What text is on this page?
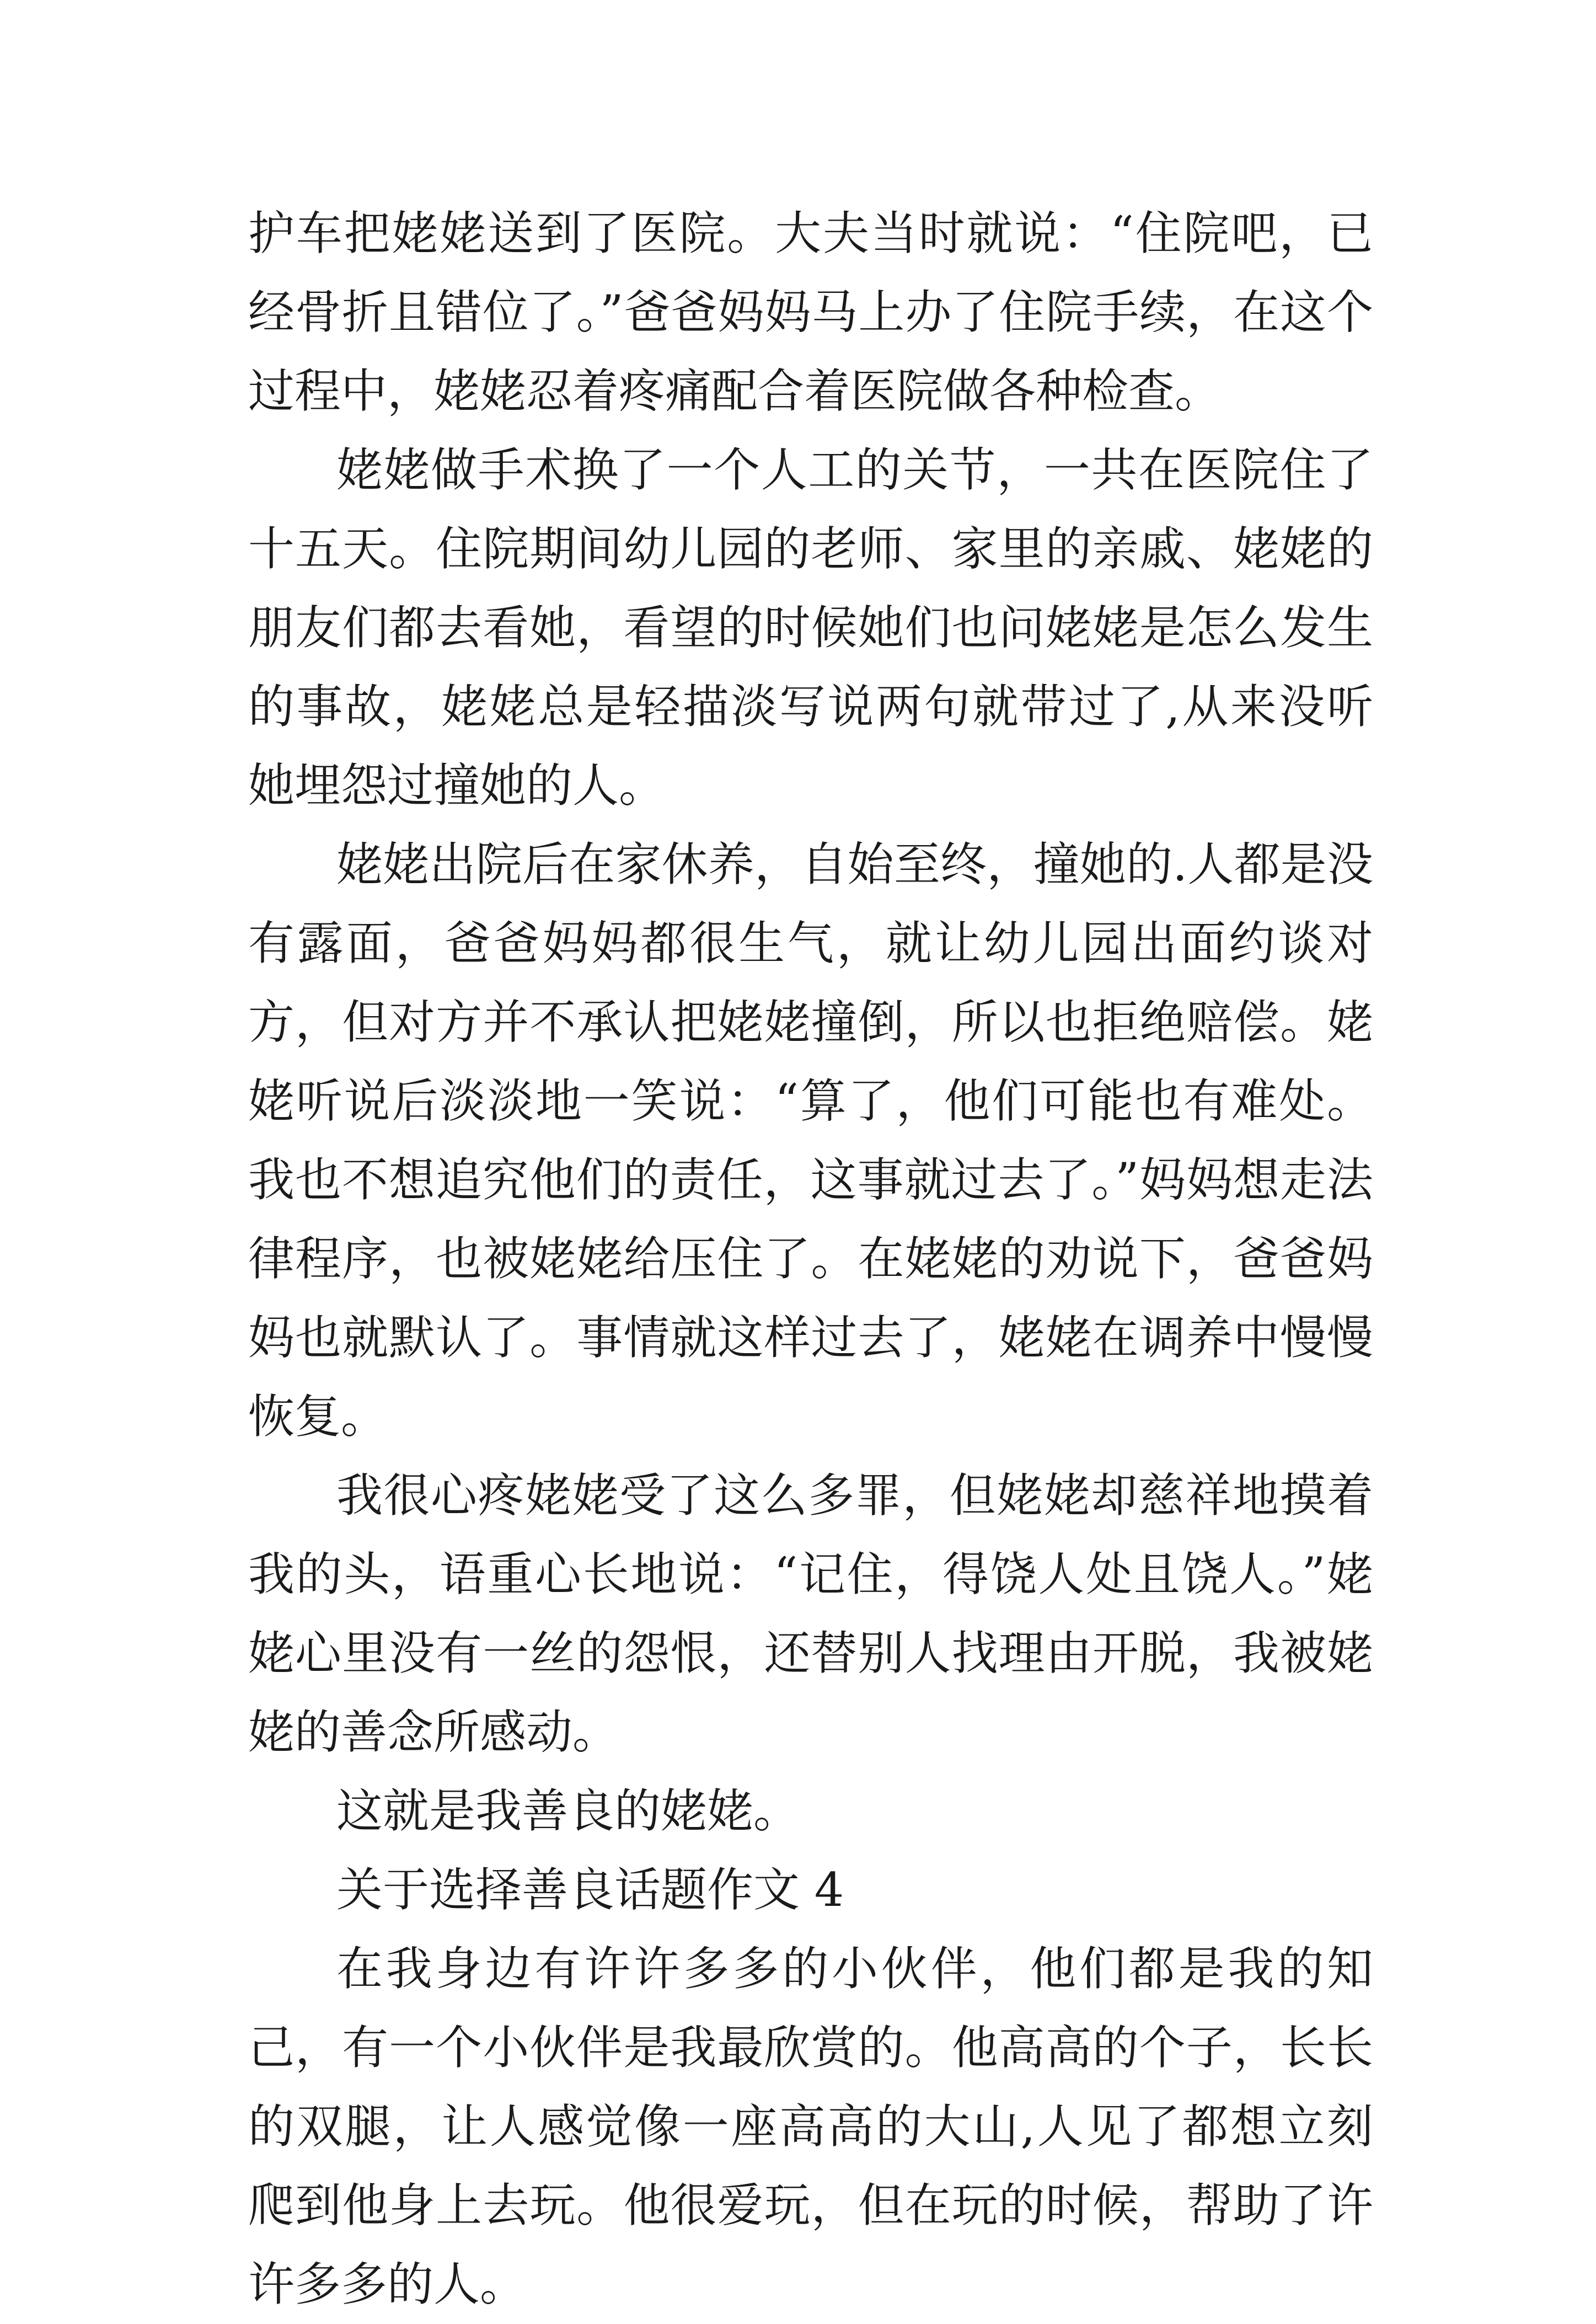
护车把姥姥送到了医院。大夫当时就说：“住院吧，已经骨折且错位了。”爸爸妈妈马上办了住院手续，在这个过程中，姥姥忍着疼痛配合着医院做各种检查。

姥姥做手术换了一个人工的关节，一共在医院住了十五天。住院期间幼儿园的老师、家里的亲戚、姥姥的朋友们都去看她，看望的时候她们也问姥姥是怎么发生的事故，姥姥总是轻描淡写说两句就带过了,从来没听她埋怨过撞她的人。

姥姥出院后在家休养，自始至终，撞她的.人都是没有露面，爸爸妈妈都很生气，就让幼儿园出面约谈对方，但对方并不承认把姥姥撞倒，所以也拒绝赔偿。姥姥听说后淡淡地一笑说：“算了，他们可能也有难处。我也不想追究他们的责任，这事就过去了。”妈妈想走法律程序，也被姥姥给压住了。在姥姥的劝说下，爸爸妈妈也就默认了。事情就这样过去了，姥姥在调养中慢慢恢复。

我很心疼姥姥受了这么多罪，但姥姥却慈祥地摸着我的头，语重心长地说：“记住，得饶人处且饶人。”姥姥心里没有一丝的怨恨，还替别人找理由开脱，我被姥姥的善念所感动。

这就是我善良的姥姥。

关于选择善良话题作文 4

在我身边有许许多多的小伙伴，他们都是我的知己，有一个小伙伴是我最欣赏的。他高高的个子，长长的双腿，让人感觉像一座高高的大山,人见了都想立刻爬到他身上去玩。他很爱玩，但在玩的时候，帮助了许许多多的人。
